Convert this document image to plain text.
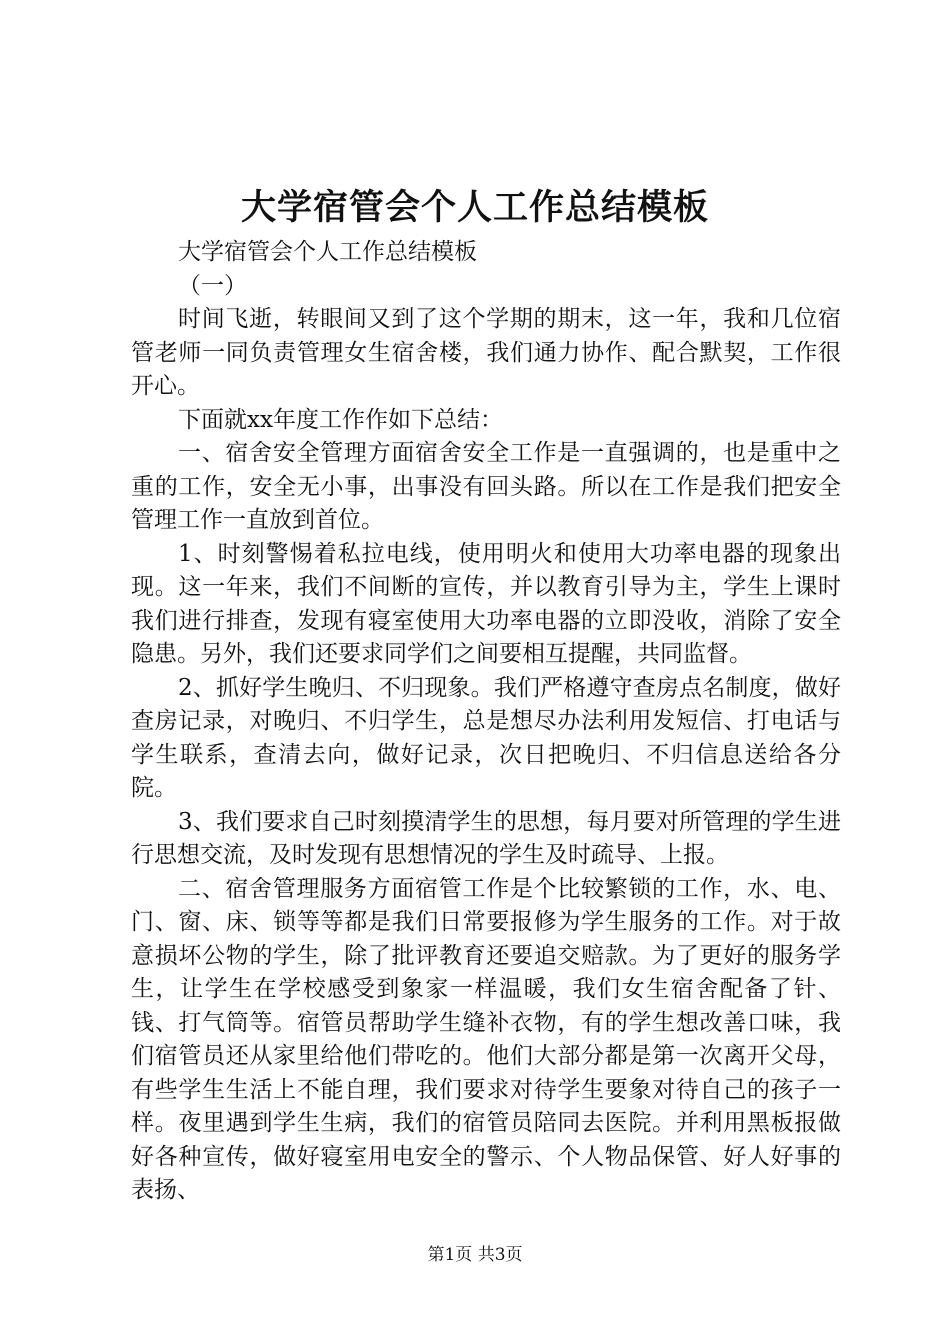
大学宿管会个人工作总结模板

大学宿管会个人工作总结模板

（一）

时间飞逝，转眼间又到了这个学期的期末，这一年，我和几位宿管老师一同负责管理女生宿舍楼，我们通力协作、配合默契，工作很开心。

下面就xx年度工作作如下总结：

一、宿舍安全管理方面宿舍安全工作是一直强调的，也是重中之重的工作，安全无小事，出事没有回头路。所以在工作是我们把安全管理工作一直放到首位。

1、时刻警惕着私拉电线，使用明火和使用大功率电器的现象出现。这一年来，我们不间断的宣传，并以教育引导为主，学生上课时我们进行排查，发现有寝室使用大功率电器的立即没收，消除了安全隐患。另外，我们还要求同学们之间要相互提醒，共同监督。

2、抓好学生晚归、不归现象。我们严格遵守查房点名制度，做好查房记录，对晚归、不归学生，总是想尽办法利用发短信、打电话与学生联系，查清去向，做好记录，次日把晚归、不归信息送给各分院。

3、我们要求自己时刻摸清学生的思想，每月要对所管理的学生进行思想交流，及时发现有思想情况的学生及时疏导、上报。

二、宿舍管理服务方面宿管工作是个比较繁锁的工作，水、电、门、窗、床、锁等等都是我们日常要报修为学生服务的工作。对于故意损坏公物的学生，除了批评教育还要追交赔款。为了更好的服务学生，让学生在学校感受到象家一样温暖，我们女生宿舍配备了针、钱、打气筒等。宿管员帮助学生缝补衣物，有的学生想改善口味，我们宿管员还从家里给他们带吃的。他们大部分都是第一次离开父母，有些学生生活上不能自理，我们要求对待学生要象对待自己的孩子一样。夜里遇到学生生病，我们的宿管员陪同去医院。并利用黑板报做好各种宣传，做好寝室用电安全的警示、个人物品保管、好人好事的表扬、

第1页 共3页
